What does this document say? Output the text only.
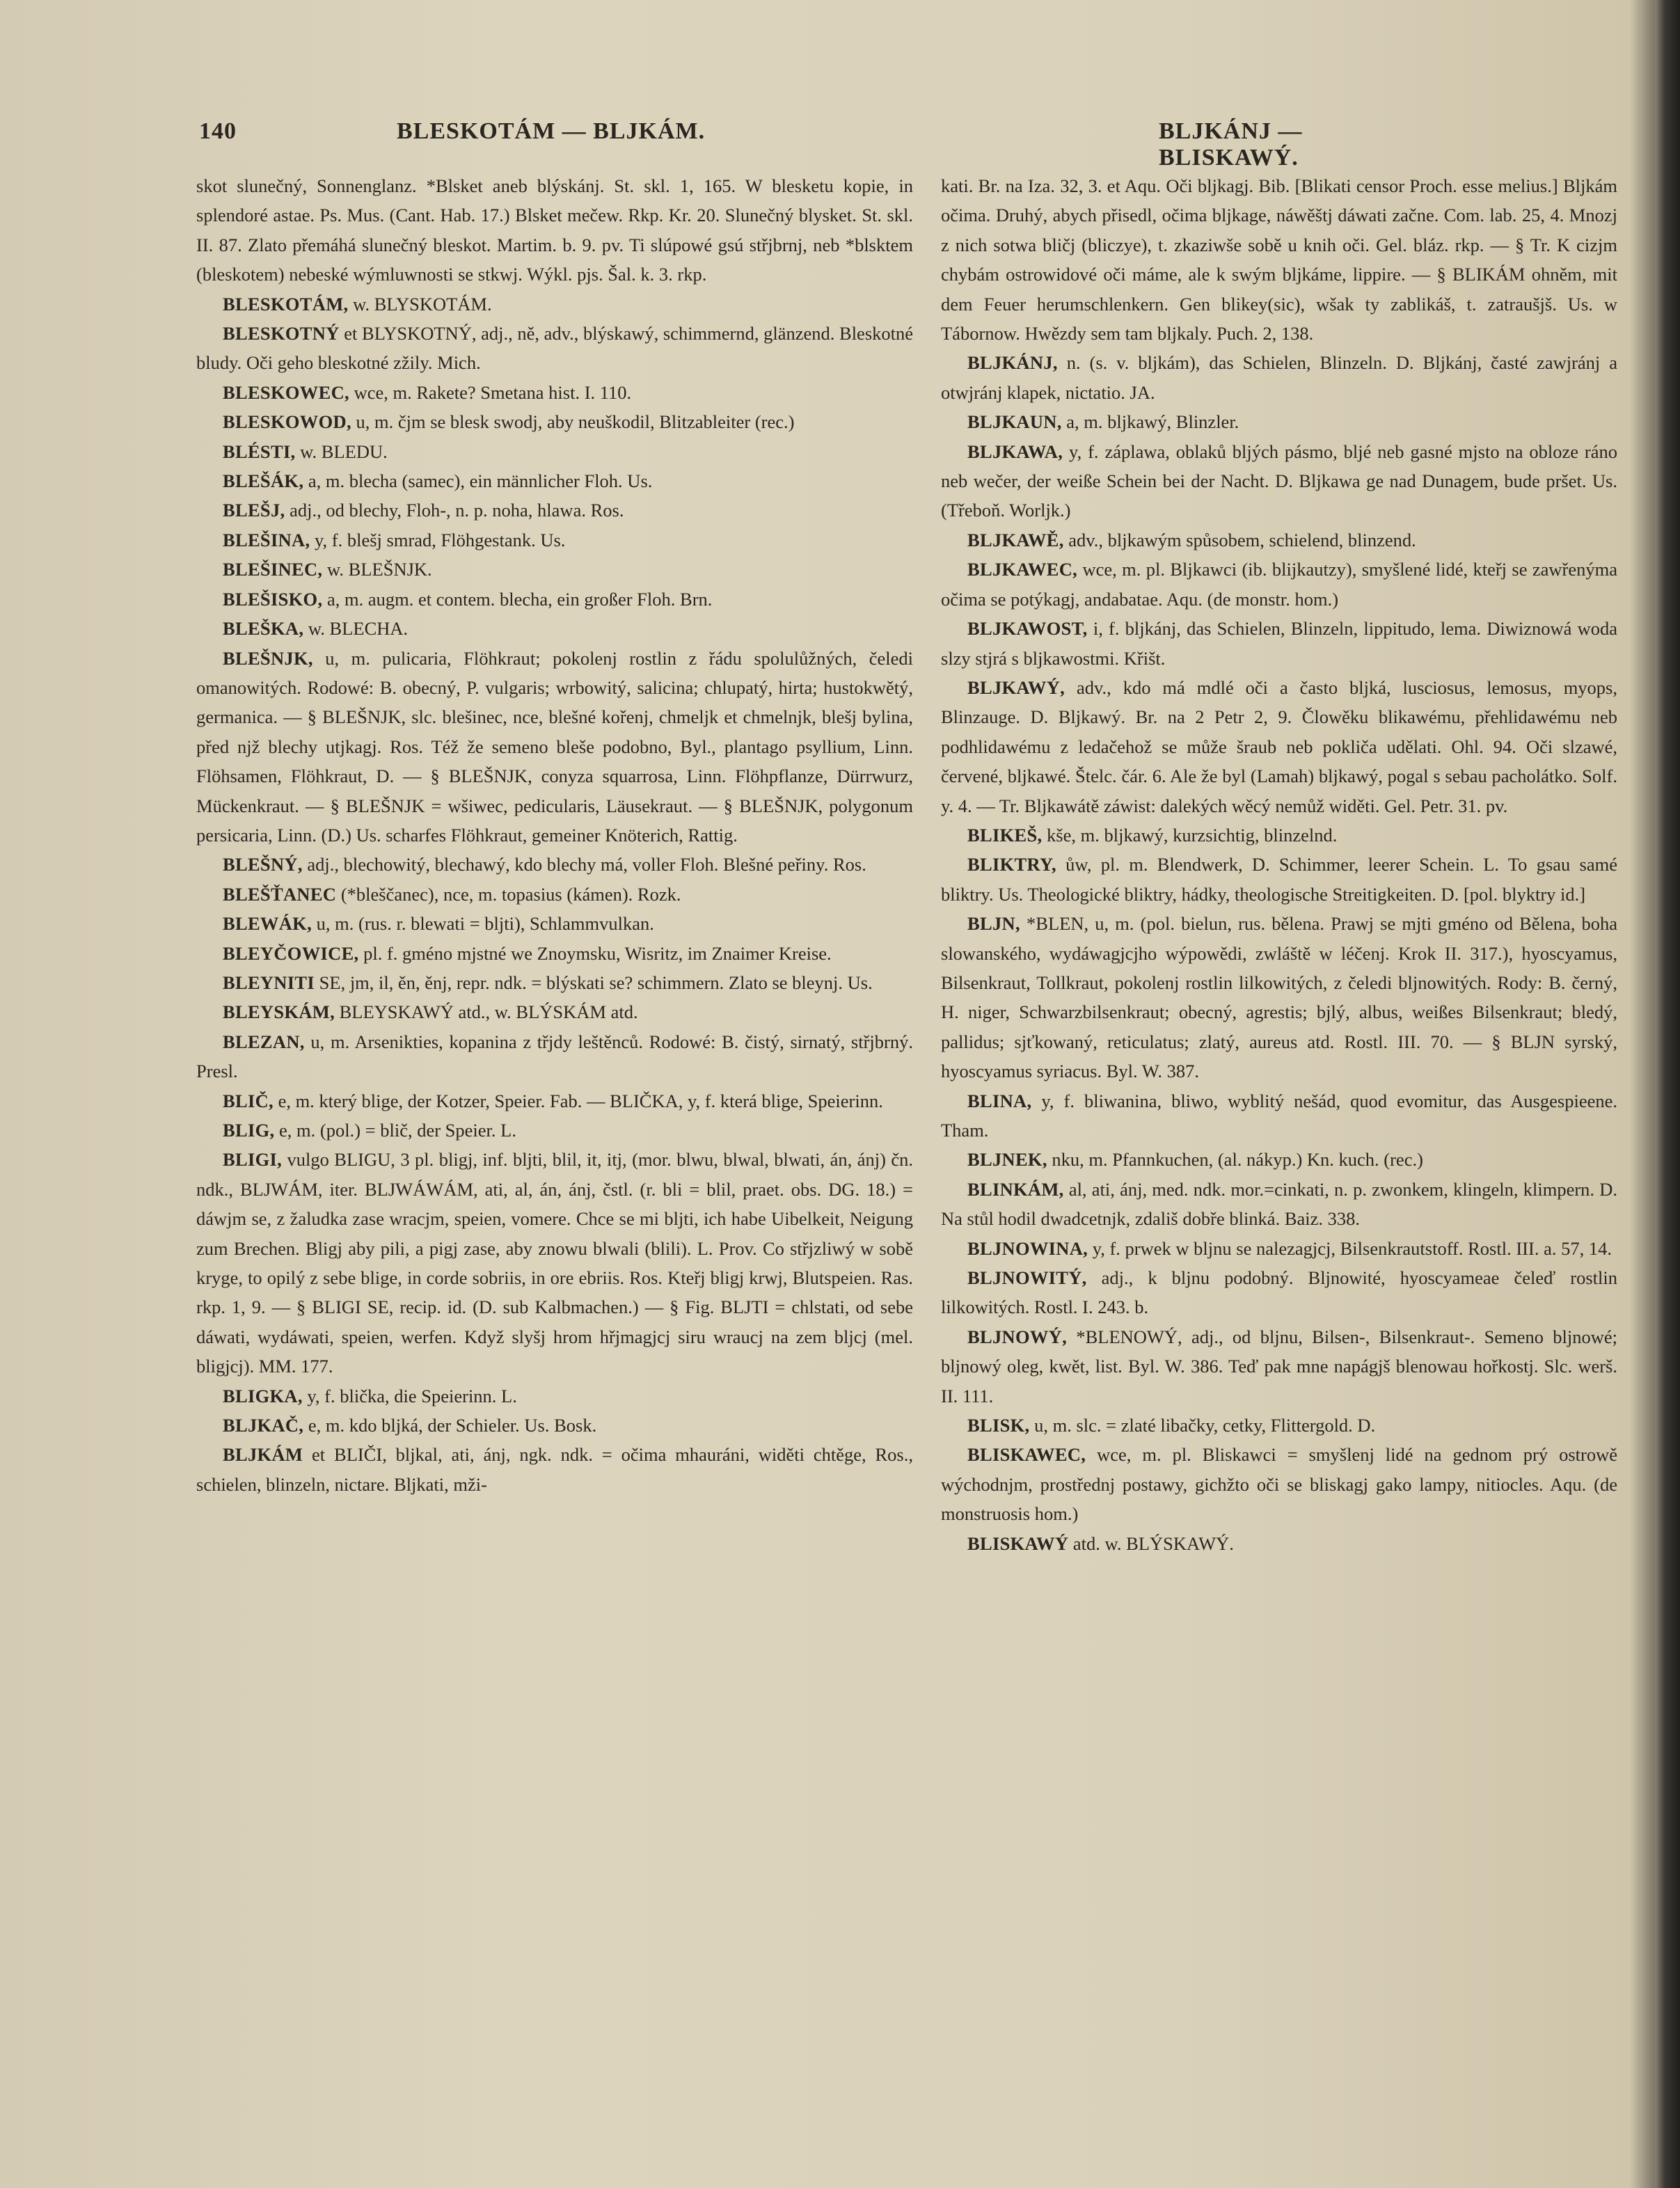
140	BLESKOTÁM — BLJKÁM.	BLJKÁNJ — BLISKAWÝ.

skot slunečný, Sonnenglanz. *Blsket aneb blýskánj. St. skl. 1, 165. W blesketu kopie, in splendoré astae. Ps. Mus. (Cant. Hab. 17.) Blsket mečew. Rkp. Kr. 20. Slunečný blysket. St. skl. II. 87. Zlato přemáhá slunečný bleskot. Martim. b. 9. pv. Ti slúpowé gsú střjbrnj, neb *blsktem (bleskotem) nebeské wýmluwnosti se stkwj. Wýkl. pjs. Šal. k. 3. rkp.

BLESKOTÁM, w. BLYSKOTÁM.

BLESKOTNÝ et BLYSKOTNÝ, adj., ně, adv., blýskawý, schimmernd, glänzend. Bleskotné bludy. Oči geho bleskotné zžily. Mich.

BLESKOWEC, wce, m. Rakete? Smetana hist. I. 110.

BLESKOWOD, u, m. čjm se blesk swodj, aby neuškodil, Blitzableiter (rec.)

BLÉSTI, w. BLEDU.

BLEŠÁK, a, m. blecha (samec), ein männlicher Floh. Us.

BLEŠJ, adj., od blechy, Floh-, n. p. noha, hlawa. Ros.

BLEŠINA, y, f. blešj smrad, Flöhgestank. Us.

BLEŠINEC, w. BLEŠNJK.

BLEŠISKO, a, m. augm. et contem. blecha, ein großer Floh. Brn.

BLEŠKA, w. BLECHA.

BLEŠNJK, u, m. pulicaria, Flöhkraut; pokolenj rostlin z řádu spolulůžných, čeledi omanowitých. Rodowé: B. obecný, P. vulgaris; wrbowitý, salicina; chlupatý, hirta; hustokwětý, germanica. — § BLEŠNJK, slc. blešinec, nce, blešné kořenj, chmeljk et chmelnjk, blešj bylina, před njž blechy utjkagj. Ros. Též že semeno bleše podobno, Byl., plantago psyllium, Linn. Flöhsamen, Flöhkraut, D. — § BLEŠNJK, conyza squarrosa, Linn. Flöhpflanze, Dürrwurz, Mückenkraut. — § BLEŠNJK = wšiwec, pedicularis, Läusekraut. — § BLEŠNJK, polygonum persicaria, Linn. (D.) Us. scharfes Flöhkraut, gemeiner Knöterich, Rattig.

BLEŠNÝ, adj., blechowitý, blechawý, kdo blechy má, voller Floh. Blešné peřiny. Ros.

BLEŠŤANEC (*bleščanec), nce, m. topasius (kámen). Rozk.

BLEWÁK, u, m. (rus. r. blewati = bljti), Schlammvulkan.

BLEYČOWICE, pl. f. gméno mjstné we Znoymsku, Wisritz, im Znaimer Kreise.

BLEYNITI SE, jm, il, ěn, ěnj, repr. ndk. = blýskati se? schimmern. Zlato se bleynj. Us.

BLEYSKÁM, BLEYSKAWÝ atd., w. BLÝSKÁM atd.

BLEZAN, u, m. Arsenikties, kopanina z třjdy leštěnců. Rodowé: B. čistý, sirnatý, střjbrný. Presl.

BLIČ, e, m. který blige, der Kotzer, Speier. Fab. — BLIČKA, y, f. která blige, Speierinn.

BLIG, e, m. (pol.) = blič, der Speier. L.

BLIGI, vulgo BLIGU, 3 pl. bligj, inf. bljti, blil, it, itj, (mor. blwu, blwal, blwati, án, ánj) čn. ndk., BLJWÁM, iter. BLJWÁWÁM, ati, al, án, ánj, čstl. (r. bli = blil, praet. obs. DG. 18.) = dáwjm se, z žaludka zase wracjm, speien, vomere. Chce se mi bljti, ich habe Uibelkeit, Neigung zum Brechen. Bligj aby pili, a pigj zase, aby znowu blwali (blili). L. Prov. Co střjzliwý w sobě kryge, to opilý z sebe blige, in corde sobriis, in ore ebriis. Ros. Kteřj bligj krwj, Blutspeien. Ras. rkp. 1, 9. — § BLIGI SE, recip. id. (D. sub Kalbmachen.) — § Fig. BLJTI = chlstati, od sebe dáwati, wydáwati, speien, werfen. Když slyšj hrom hřjmagjcj siru wraucj na zem bljcj (mel. bligjcj). MM. 177.

BLIGKA, y, f. blička, die Speierinn. L.

BLJKAČ, e, m. kdo bljká, der Schieler. Us. Bosk.

BLJKÁM et BLIČI, bljkal, ati, ánj, ngk. ndk. = očima mhauráni, widěti chtěge, Ros., schielen, blinzeln, nictare. Bljkati, mži-

kati. Br. na Iza. 32, 3. et Aqu. Oči bljkagj. Bib. [Blikati censor Proch. esse melius.] Bljkám očima. Druhý, abych přisedl, očima bljkage, náwěštj dáwati začne. Com. lab. 25, 4. Mnozj z nich sotwa bličj (bliczye), t. zkaziwše sobě u knih oči. Gel. bláz. rkp. — § Tr. K cizjm chybám ostrowidové oči máme, ale k swým bljkáme, lippire. — § BLIKÁM ohněm, mit dem Feuer herumschlenkern. Gen blikey(sic), wšak ty zablikáš, t. zatraušjš. Us. w Tábornow. Hwězdy sem tam bljkaly. Puch. 2, 138.

BLJKÁNJ, n. (s. v. bljkám), das Schielen, Blinzeln. D. Bljkánj, časté zawjránj a otwjránj klapek, nictatio. JA.

BLJKAUN, a, m. bljkawý, Blinzler.

BLJKAWA, y, f. záplawa, oblaků bljých pásmo, bljé neb gasné mjsto na obloze ráno neb wečer, der weiße Schein bei der Nacht. D. Bljkawa ge nad Dunagem, bude pršet. Us. (Třeboň. Worljk.)

BLJKAWĚ, adv., bljkawým spůsobem, schielend, blinzend.

BLJKAWEC, wce, m. pl. Bljkawci (ib. blijkautzy), smyšlené lidé, kteřj se zawřenýma očima se potýkagj, andabatae. Aqu. (de monstr. hom.)

BLJKAWOST, i, f. bljkánj, das Schielen, Blinzeln, lippitudo, lema. Diwiznowá woda slzy stjrá s bljkawostmi. Křišt.

BLJKAWÝ, adv., kdo má mdlé oči a často bljká, lusciosus, lemosus, myops, Blinzauge. D. Bljkawý. Br. na 2 Petr 2, 9. Člowěku blikawému, přehlidawému neb podhlidawému z ledačehož se může šraub neb pokliča udělati. Ohl. 94. Oči slzawé, červené, bljkawé. Štelc. čár. 6. Ale že byl (Lamah) bljkawý, pogal s sebau pacholátko. Solf. y. 4. — Tr. Bljkawátě záwist: dalekých wěcý nemůž widěti. Gel. Petr. 31. pv.

BLIKEŠ, kše, m. bljkawý, kurzsichtig, blinzelnd.

BLIKTRY, ůw, pl. m. Blendwerk, D. Schimmer, leerer Schein. L. To gsau samé bliktry. Us. Theologické bliktry, hádky, theologische Streitigkeiten. D. [pol. blyktry id.]

BLJN, *BLEN, u, m. (pol. bielun, rus. bělena. Prawj se mjti gméno od Bělena, boha slowanského, wydáwagjcjho wýpowědi, zwláště w léčenj. Krok II. 317.), hyoscyamus, Bilsenkraut, Tollkraut, pokolenj rostlin lilkowitých, z čeledi bljnowitých. Rody: B. černý, H. niger, Schwarzbilsenkraut; obecný, agrestis; bjlý, albus, weißes Bilsenkraut; bledý, pallidus; sjťkowaný, reticulatus; zlatý, aureus atd. Rostl. III. 70. — § BLJN syrský, hyoscyamus syriacus. Byl. W. 387.

BLINA, y, f. bliwanina, bliwo, wyblitý nešád, quod evomitur, das Ausgespieene. Tham.

BLJNEK, nku, m. Pfannkuchen, (al. nákyp.) Kn. kuch. (rec.)

BLINKÁM, al, ati, ánj, med. ndk. mor.=cinkati, n. p. zwonkem, klingeln, klimpern. D. Na stůl hodil dwadcetnjk, zdališ dobře blinká. Baiz. 338.

BLJNOWINA, y, f. prwek w bljnu se nalezagjcj, Bilsenkrautstoff. Rostl. III. a. 57, 14.

BLJNOWITÝ, adj., k bljnu podobný. Bljnowité, hyoscyameae čeleď rostlin lilkowitých. Rostl. I. 243. b.

BLJNOWÝ, *BLENOWÝ, adj., od bljnu, Bilsen-, Bilsenkraut-. Semeno bljnowé; bljnowý oleg, kwět, list. Byl. W. 386. Teď pak mne napágjš blenowau hořkostj. Slc. werš. II. 111.

BLISK, u, m. slc. = zlaté libačky, cetky, Flittergold. D.

BLISKAWEC, wce, m. pl. Bliskawci = smyšlenj lidé na gednom prý ostrowě wýchodnjm, prostřednj postawy, gichžto oči se bliskagj gako lampy, nitiocles. Aqu. (de monstruosis hom.)

BLISKAWÝ atd. w. BLÝSKAWÝ.
